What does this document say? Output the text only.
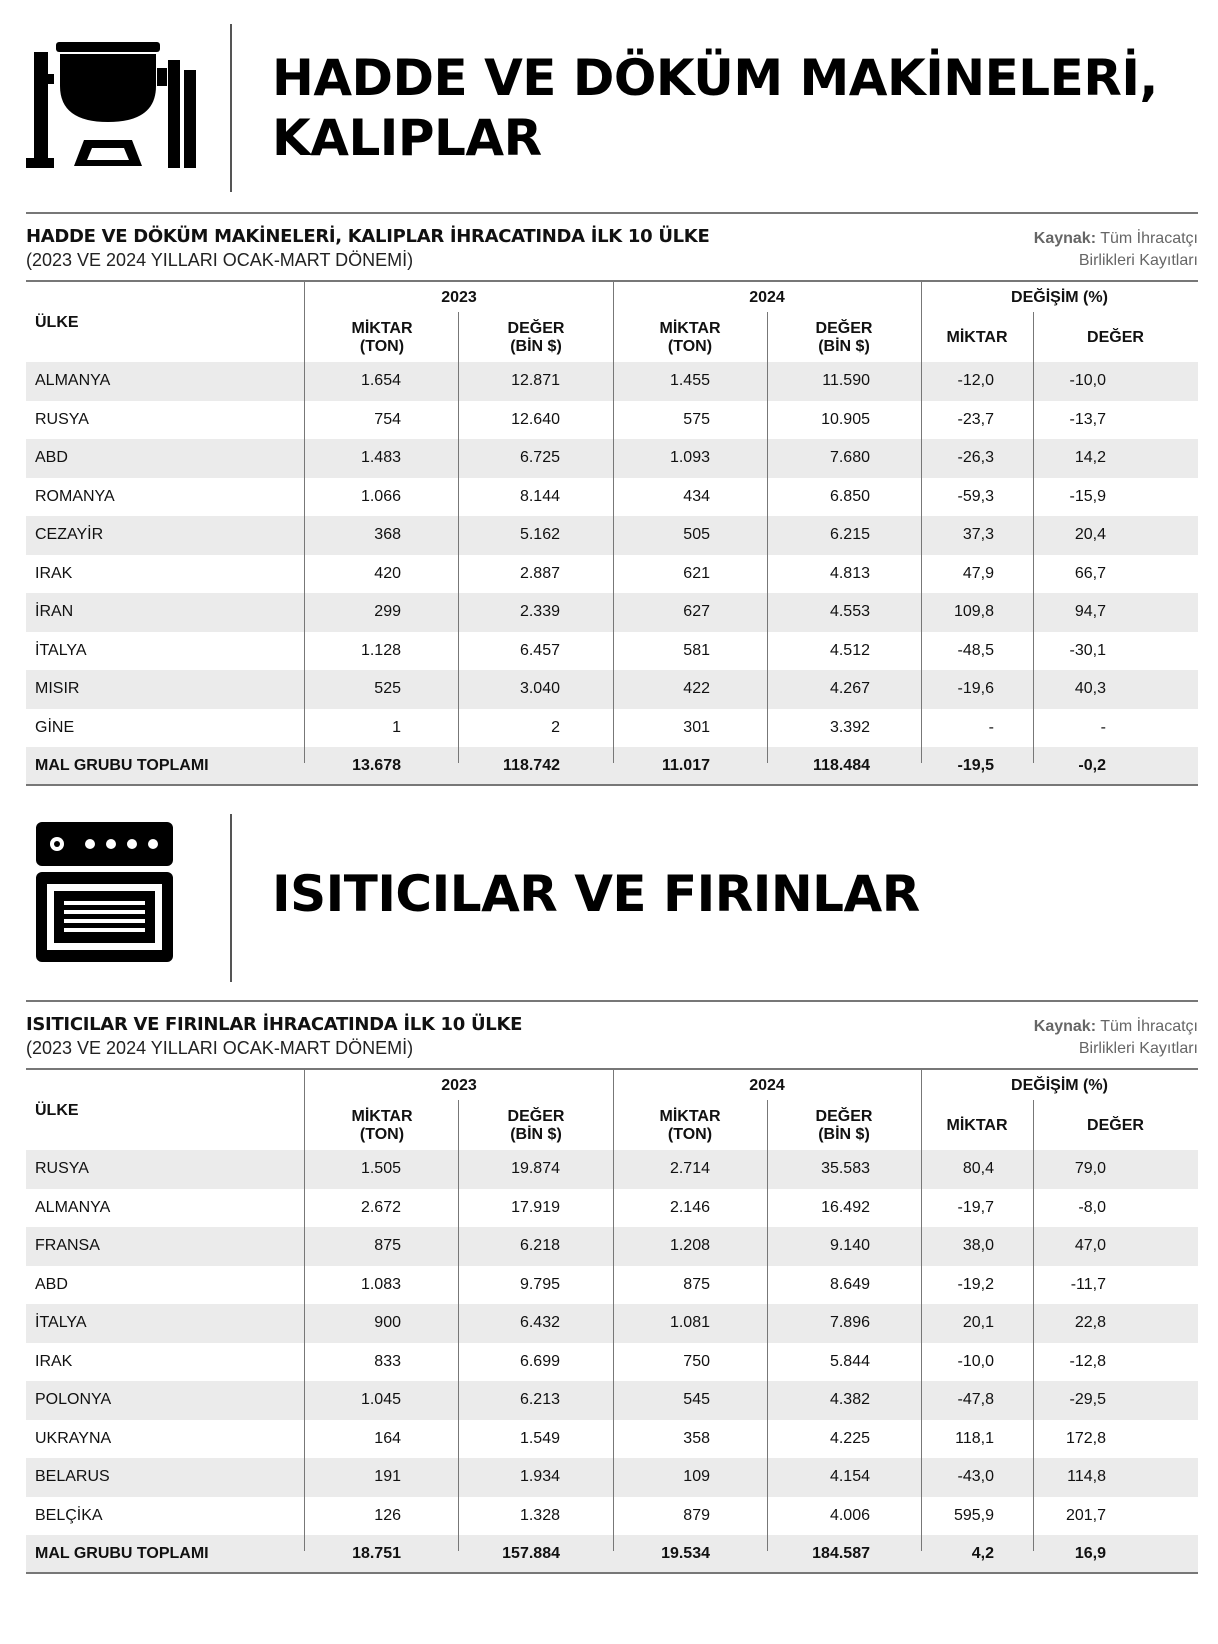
HADDE VE DÖKÜM MAKİNELERİ,
KALIPLAR
HADDE VE DÖKÜM MAKİNELERİ, KALIPLAR İHRACATINDA İLK 10 ÜLKE
(2023 VE 2024 YILLARI OCAK-MART DÖNEMİ)
Kaynak: Tüm İhracatçı
Birlikleri Kayıtları
ÜLKE
2023	2024	DEĞİŞİM (%)
MİKTAR
(TON)
DEĞER
(BİN $)
MİKTAR
(TON)
DEĞER
(BİN $)
MİKTAR	DEĞER
ALMANYA	1.654	12.871	1.455	11.590	-12,0	-10,0
RUSYA	754	12.640	575	10.905	-23,7	-13,7
ABD	1.483	6.725	1.093	7.680	-26,3	14,2
ROMANYA	1.066	8.144	434	6.850	-59,3	-15,9
CEZAYİR	368	5.162	505	6.215	37,3	20,4
IRAK	420	2.887	621	4.813	47,9	66,7
İRAN	299	2.339	627	4.553	109,8	94,7
İTALYA	1.128	6.457	581	4.512	-48,5	-30,1
MISIR	525	3.040	422	4.267	-19,6	40,3
GİNE	1	2	301	3.392	-	-
MAL GRUBU TOPLAMI	13.678	118.742	11.017	118.484	-19,5	-0,2
ISITICILAR VE FIRINLAR
ISITICILAR VE FIRINLAR İHRACATINDA İLK 10 ÜLKE
(2023 VE 2024 YILLARI OCAK-MART DÖNEMİ)
Kaynak: Tüm İhracatçı
Birlikleri Kayıtları
ÜLKE
2023	2024	DEĞİŞİM (%)
MİKTAR
(TON)
DEĞER
(BİN $)
MİKTAR
(TON)
DEĞER
(BİN $)
MİKTAR	DEĞER
RUSYA	1.505	19.874	2.714	35.583	80,4	79,0
ALMANYA	2.672	17.919	2.146	16.492	-19,7	-8,0
FRANSA	875	6.218	1.208	9.140	38,0	47,0
ABD	1.083	9.795	875	8.649	-19,2	-11,7
İTALYA	900	6.432	1.081	7.896	20,1	22,8
IRAK	833	6.699	750	5.844	-10,0	-12,8
POLONYA	1.045	6.213	545	4.382	-47,8	-29,5
UKRAYNA	164	1.549	358	4.225	118,1	172,8
BELARUS	191	1.934	109	4.154	-43,0	114,8
BELÇİKA	126	1.328	879	4.006	595,9	201,7
MAL GRUBU TOPLAMI	18.751	157.884	19.534	184.587	4,2	16,9
